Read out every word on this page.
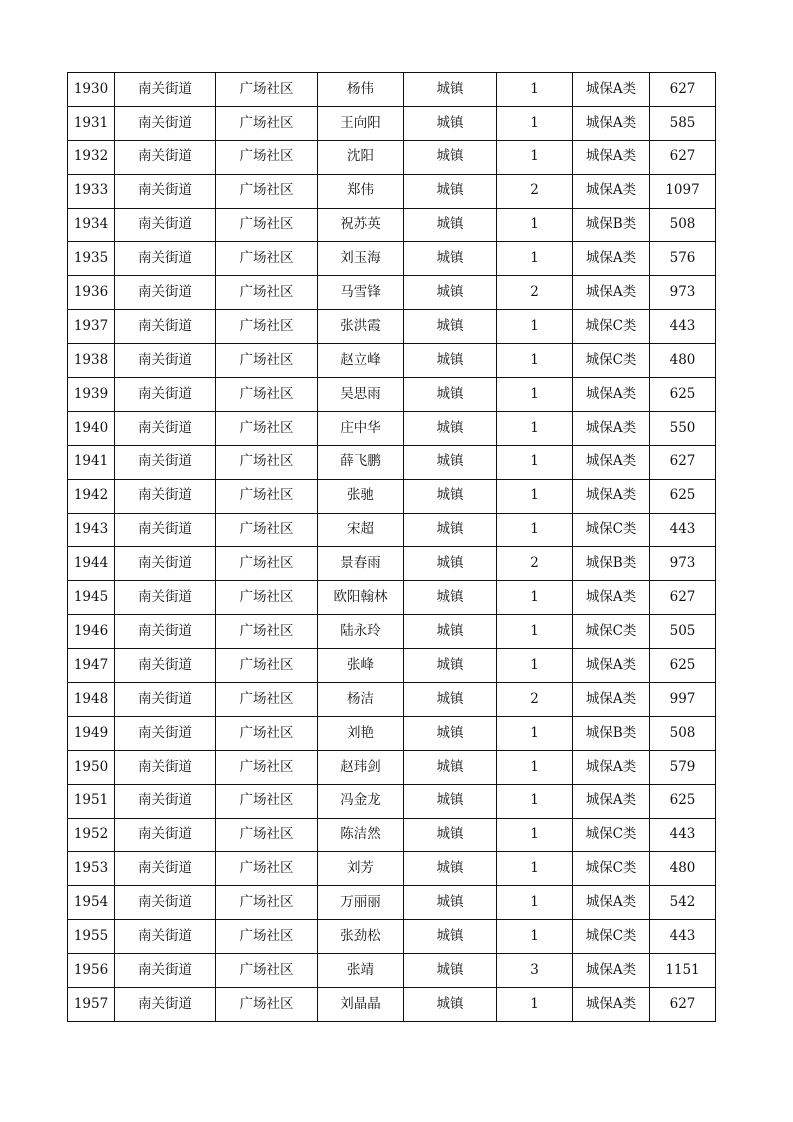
1930	南关街道	广场社区	杨伟	城镇	1	城保A类	627
1931	南关街道	广场社区	王向阳	城镇	1	城保A类	585
1932	南关街道	广场社区	沈阳	城镇	1	城保A类	627
1933	南关街道	广场社区	郑伟	城镇	2	城保A类	1097
1934	南关街道	广场社区	祝苏英	城镇	1	城保B类	508
1935	南关街道	广场社区	刘玉海	城镇	1	城保A类	576
1936	南关街道	广场社区	马雪锋	城镇	2	城保A类	973
1937	南关街道	广场社区	张洪霞	城镇	1	城保C类	443
1938	南关街道	广场社区	赵立峰	城镇	1	城保C类	480
1939	南关街道	广场社区	吴思雨	城镇	1	城保A类	625
1940	南关街道	广场社区	庄中华	城镇	1	城保A类	550
1941	南关街道	广场社区	薛飞鹏	城镇	1	城保A类	627
1942	南关街道	广场社区	张驰	城镇	1	城保A类	625
1943	南关街道	广场社区	宋超	城镇	1	城保C类	443
1944	南关街道	广场社区	景春雨	城镇	2	城保B类	973
1945	南关街道	广场社区	欧阳翰林	城镇	1	城保A类	627
1946	南关街道	广场社区	陆永玲	城镇	1	城保C类	505
1947	南关街道	广场社区	张峰	城镇	1	城保A类	625
1948	南关街道	广场社区	杨洁	城镇	2	城保A类	997
1949	南关街道	广场社区	刘艳	城镇	1	城保B类	508
1950	南关街道	广场社区	赵玮剑	城镇	1	城保A类	579
1951	南关街道	广场社区	冯金龙	城镇	1	城保A类	625
1952	南关街道	广场社区	陈洁然	城镇	1	城保C类	443
1953	南关街道	广场社区	刘芳	城镇	1	城保C类	480
1954	南关街道	广场社区	万丽丽	城镇	1	城保A类	542
1955	南关街道	广场社区	张劲松	城镇	1	城保C类	443
1956	南关街道	广场社区	张靖	城镇	3	城保A类	1151
1957	南关街道	广场社区	刘晶晶	城镇	1	城保A类	627
